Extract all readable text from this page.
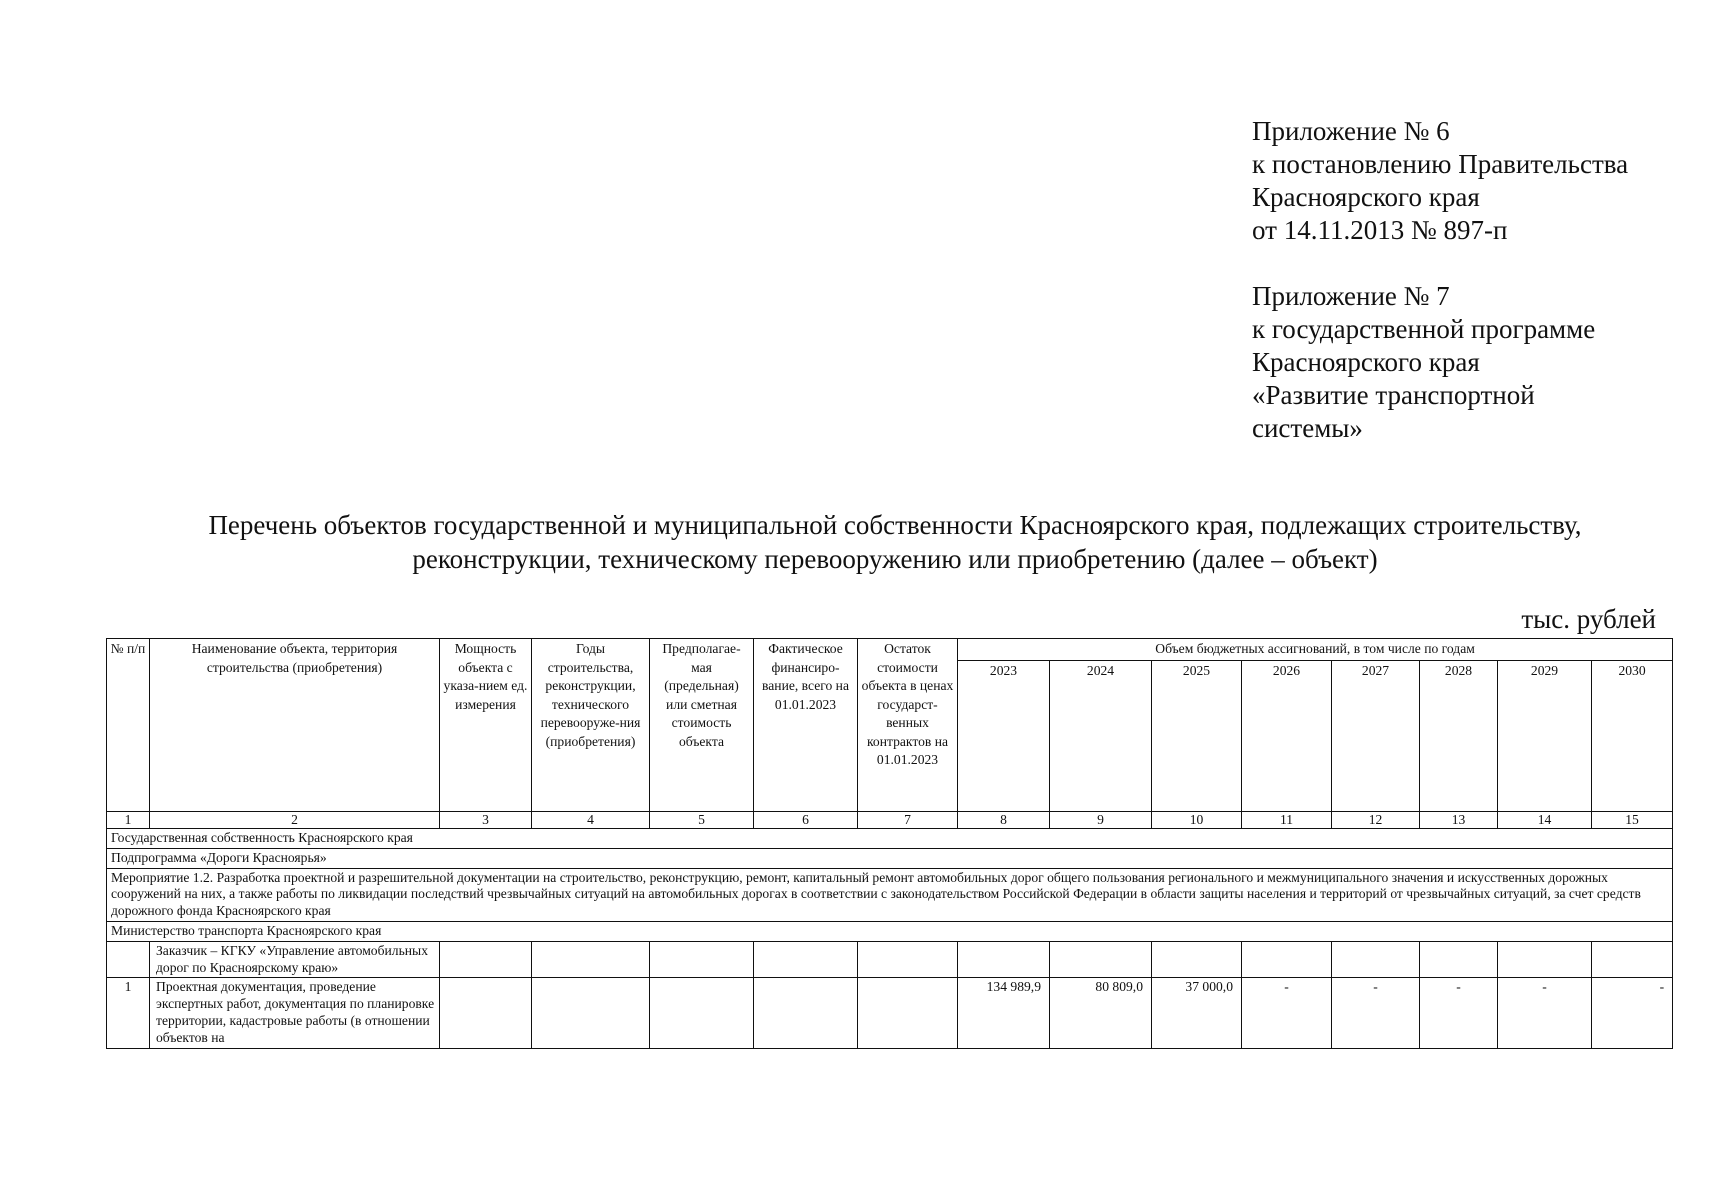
Приложение № 6
к постановлению Правительства
Красноярского края
от 14.11.2013 № 897-п
Приложение № 7
к государственной программе
Красноярского края
«Развитие транспортной
системы»
Перечень объектов государственной и муниципальной собственности Красноярского края, подлежащих строительству,
реконструкции, техническому перевооружению или приобретению (далее – объект)
тыс. рублей
№ п/п	Наименование объекта, территория строительства (приобретения)	Мощность объекта с указа-нием ед. измерения	Годы строительства, реконструкции, технического перевооруже-ния (приобретения)	Предполагае-мая (предельная) или сметная стоимость объекта	Фактическое финансиро-вание, всего на 01.01.2023	Остаток стоимости объекта в ценах государст-венных контрактов на 01.01.2023	Объем бюджетных ассигнований, в том числе по годам							
							2023	2024	2025	2026	2027	2028	2029	2030
1	2	3	4	5	6	7	8	9	10	11	12	13	14	15
Государственная собственность Красноярского края														
Подпрограмма «Дороги Красноярья»														
Мероприятие 1.2. Разработка проектной и разрешительной документации на строительство, реконструкцию, ремонт, капитальный ремонт автомобильных дорог общего пользования регионального и межмуниципального значения и искусственных дорожных сооружений на них, а также работы по ликвидации последствий чрезвычайных ситуаций на автомобильных дорогах в соответствии с законодательством Российской Федерации в области защиты населения и территорий от чрезвычайных ситуаций, за счет средств дорожного фонда Красноярского края														
Министерство транспорта Красноярского края														
	Заказчик – КГКУ «Управление автомобильных дорог по Красноярскому краю»													
1	Проектная документация, проведение экспертных работ, документация по планировке территории, кадастровые работы (в отношении объектов на						134 989,9	80 809,0	37 000,0	-	-	-	-	-
